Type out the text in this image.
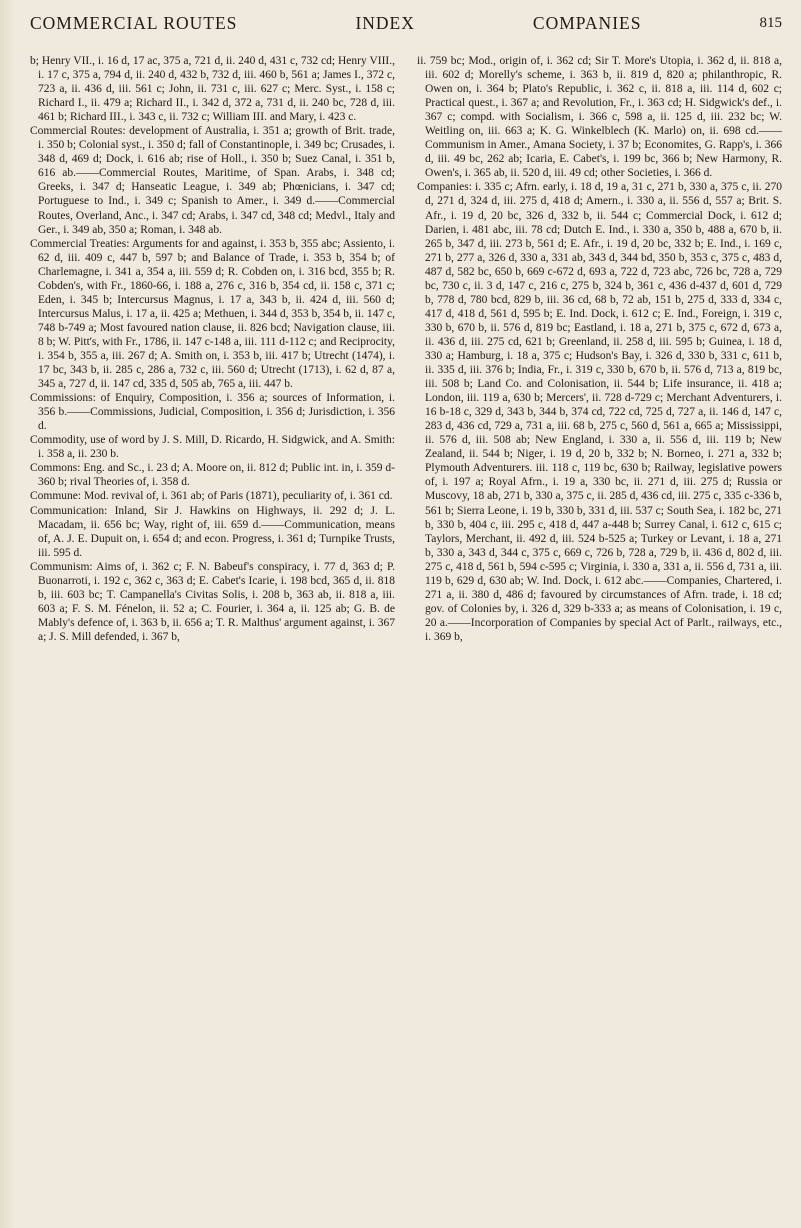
COMMERCIAL ROUTES	INDEX	COMPANIES	815

b; Henry VII., i. 16 d, 17 ac, 375 a, 721 d, ii. 240 d, 431 c, 732 cd; Henry VIII., i. 17 c, 375 a, 794 d, ii. 240 d, 432 b, 732 d, iii. 460 b, 561 a; James I., 372 c, 723 a, ii. 436 d, iii. 561 c; John, ii. 731 c, iii. 627 c; Merc. Syst., i. 158 c; Richard I., ii. 479 a; Richard II., i. 342 d, 372 a, 731 d, ii. 240 bc, 728 d, iii. 461 b; Richard III., i. 343 c, ii. 732 c; William III. and Mary, i. 423 c.

Commercial Routes: development of Australia, i. 351 a; growth of Brit. trade, i. 350 b; Colonial syst., i. 350 d; fall of Constantinople, i. 349 bc; Crusades, i. 348 d, 469 d; Dock, i. 616 ab; rise of Holl., i. 350 b; Suez Canal, i. 351 b, 616 ab.——Commercial Routes, Maritime, of Span. Arabs, i. 348 cd; Greeks, i. 347 d; Hanseatic League, i. 349 ab; Phœnicians, i. 347 cd; Portuguese to Ind., i. 349 c; Spanish to Amer., i. 349 d.——Commercial Routes, Overland, Anc., i. 347 cd; Arabs, i. 347 cd, 348 cd; Medvl., Italy and Ger., i. 349 ab, 350 a; Roman, i. 348 ab.

Commercial Treaties: Arguments for and against, i. 353 b, 355 abc; Assiento, i. 62 d, iii. 409 c, 447 b, 597 b; and Balance of Trade, i. 353 b, 354 b; of Charlemagne, i. 341 a, 354 a, iii. 559 d; R. Cobden on, i. 316 bcd, 355 b; R. Cobden's, with Fr., 1860-66, i. 188 a, 276 c, 316 b, 354 cd, ii. 158 c, 371 c; Eden, i. 345 b; Intercursus Magnus, i. 17 a, 343 b, ii. 424 d, iii. 560 d; Intercursus Malus, i. 17 a, ii. 425 a; Methuen, i. 344 d, 353 b, 354 b, ii. 147 c, 748 b-749 a; Most favoured nation clause, ii. 826 bcd; Navigation clause, iii. 8 b; W. Pitt's, with Fr., 1786, ii. 147 c-148 a, iii. 111 d-112 c; and Reciprocity, i. 354 b, 355 a, iii. 267 d; A. Smith on, i. 353 b, iii. 417 b; Utrecht (1474), i. 17 bc, 343 b, ii. 285 c, 286 a, 732 c, iii. 560 d; Utrecht (1713), i. 62 d, 87 a, 345 a, 727 d, ii. 147 cd, 335 d, 505 ab, 765 a, iii. 447 b.

Commissions: of Enquiry, Composition, i. 356 a; sources of Information, i. 356 b.——Commissions, Judicial, Composition, i. 356 d; Jurisdiction, i. 356 d.

Commodity, use of word by J. S. Mill, D. Ricardo, H. Sidgwick, and A. Smith: i. 358 a, ii. 230 b.

Commons: Eng. and Sc., i. 23 d; A. Moore on, ii. 812 d; Public int. in, i. 359 d-360 b; rival Theories of, i. 358 d.

Commune: Mod. revival of, i. 361 ab; of Paris (1871), peculiarity of, i. 361 cd.

Communication: Inland, Sir J. Hawkins on Highways, ii. 292 d; J. L. Macadam, ii. 656 bc; Way, right of, iii. 659 d.——Communication, means of, A. J. E. Dupuit on, i. 654 d; and econ. Progress, i. 361 d; Turnpike Trusts, iii. 595 d.

Communism: Aims of, i. 362 c; F. N. Babeuf's conspiracy, i. 77 d, 363 d; P. Buonarroti, i. 192 c, 362 c, 363 d; E. Cabet's Icarie, i. 198 bcd, 365 d, ii. 818 b, iii. 603 bc; T. Campanella's Civitas Solis, i. 208 b, 363 ab, ii. 818 a, iii. 603 a; F. S. M. Fénelon, ii. 52 a; C. Fourier, i. 364 a, ii. 125 ab; G. B. de Mably's defence of, i. 363 b, ii. 656 a; T. R. Malthus' argument against, i. 367 a; J. S. Mill defended, i. 367 b,

ii. 759 bc; Mod., origin of, i. 362 cd; Sir T. More's Utopia, i. 362 d, ii. 818 a, iii. 602 d; Morelly's scheme, i. 363 b, ii. 819 d, 820 a; philanthropic, R. Owen on, i. 364 b; Plato's Republic, i. 362 c, ii. 818 a, iii. 114 d, 602 c; Practical quest., i. 367 a; and Revolution, Fr., i. 363 cd; H. Sidgwick's def., i. 367 c; compd. with Socialism, i. 366 c, 598 a, ii. 125 d, iii. 232 bc; W. Weitling on, iii. 663 a; K. G. Winkelblech (K. Marlo) on, ii. 698 cd.——Communism in Amer., Amana Society, i. 37 b; Economites, G. Rapp's, i. 366 d, iii. 49 bc, 262 ab; Icaria, E. Cabet's, i. 199 bc, 366 b; New Harmony, R. Owen's, i. 365 ab, ii. 520 d, iii. 49 cd; other Societies, i. 366 d.

Companies: i. 335 c; Afrn. early, i. 18 d, 19 a, 31 c, 271 b, 330 a, 375 c, ii. 270 d, 271 d, 324 d, iii. 275 d, 418 d; Amern., i. 330 a, ii. 556 d, 557 a; Brit. S. Afr., i. 19 d, 20 bc, 326 d, 332 b, ii. 544 c; Commercial Dock, i. 612 d; Darien, i. 481 abc, iii. 78 cd; Dutch E. Ind., i. 330 a, 350 b, 488 a, 670 b, ii. 265 b, 347 d, iii. 273 b, 561 d; E. Afr., i. 19 d, 20 bc, 332 b; E. Ind., i. 169 c, 271 b, 277 a, 326 d, 330 a, 331 ab, 343 d, 344 bd, 350 b, 353 c, 375 c, 483 d, 487 d, 582 bc, 650 b, 669 c-672 d, 693 a, 722 d, 723 abc, 726 bc, 728 a, 729 bc, 730 c, ii. 3 d, 147 c, 216 c, 275 b, 324 b, 361 c, 436 d-437 d, 601 d, 729 b, 778 d, 780 bcd, 829 b, iii. 36 cd, 68 b, 72 ab, 151 b, 275 d, 333 d, 334 c, 417 d, 418 d, 561 d, 595 b; E. Ind. Dock, i. 612 c; E. Ind., Foreign, i. 319 c, 330 b, 670 b, ii. 576 d, 819 bc; Eastland, i. 18 a, 271 b, 375 c, 672 d, 673 a, ii. 436 d, iii. 275 cd, 621 b; Greenland, ii. 258 d, iii. 595 b; Guinea, i. 18 d, 330 a; Hamburg, i. 18 a, 375 c; Hudson's Bay, i. 326 d, 330 b, 331 c, 611 b, ii. 335 d, iii. 376 b; India, Fr., i. 319 c, 330 b, 670 b, ii. 576 d, 713 a, 819 bc, iii. 508 b; Land Co. and Colonisation, ii. 544 b; Life insurance, ii. 418 a; London, iii. 119 a, 630 b; Mercers', ii. 728 d-729 c; Merchant Adventurers, i. 16 b-18 c, 329 d, 343 b, 344 b, 374 cd, 722 cd, 725 d, 727 a, ii. 146 d, 147 c, 283 d, 436 cd, 729 a, 731 a, iii. 68 b, 275 c, 560 d, 561 a, 665 a; Mississippi, ii. 576 d, iii. 508 ab; New England, i. 330 a, ii. 556 d, iii. 119 b; New Zealand, ii. 544 b; Niger, i. 19 d, 20 b, 332 b; N. Borneo, i. 271 a, 332 b; Plymouth Adventurers. iii. 118 c, 119 bc, 630 b; Railway, legislative powers of, i. 197 a; Royal Afrn., i. 19 a, 330 bc, ii. 271 d, iii. 275 d; Russia or Muscovy, 18 ab, 271 b, 330 a, 375 c, ii. 285 d, 436 cd, iii. 275 c, 335 c-336 b, 561 b; Sierra Leone, i. 19 b, 330 b, 331 d, iii. 537 c; South Sea, i. 182 bc, 271 b, 330 b, 404 c, iii. 295 c, 418 d, 447 a-448 b; Surrey Canal, i. 612 c, 615 c; Taylors, Merchant, ii. 492 d, iii. 524 b-525 a; Turkey or Levant, i. 18 a, 271 b, 330 a, 343 d, 344 c, 375 c, 669 c, 726 b, 728 a, 729 b, ii. 436 d, 802 d, iii. 275 c, 418 d, 561 b, 594 c-595 c; Virginia, i. 330 a, 331 a, ii. 556 d, 731 a, iii. 119 b, 629 d, 630 ab; W. Ind. Dock, i. 612 abc.——Companies, Chartered, i. 271 a, ii. 380 d, 486 d; favoured by circumstances of Afrn. trade, i. 18 cd; gov. of Colonies by, i. 326 d, 329 b-333 a; as means of Colonisation, i. 19 c, 20 a.——Incorporation of Companies by special Act of Parlt., railways, etc., i. 369 b,
